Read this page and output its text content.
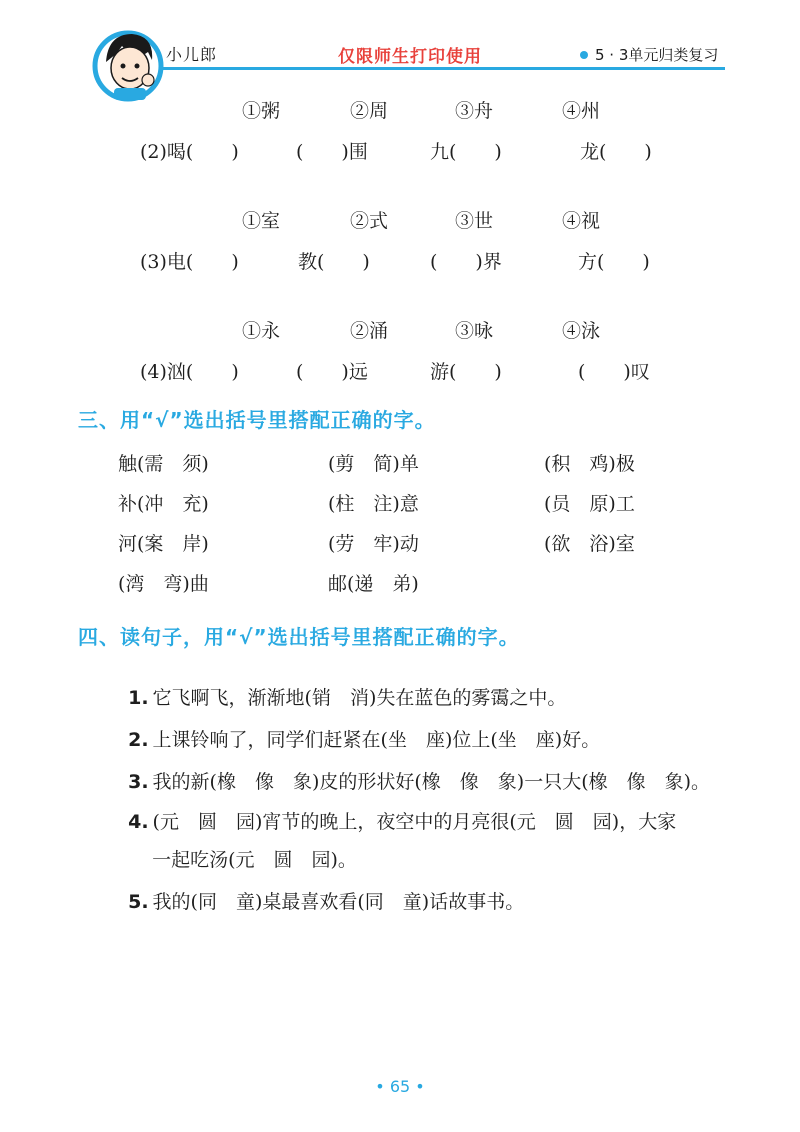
小儿郎	仅限师生打印使用	5 · 3单元归类复习
①粥	②周	③舟	④州
(2)喝(　　)	(　　)围	九(　　)	龙(　　)
①室	②式	③世	④视
(3)电(　　)	教(　　)	(　　)界	方(　　)
①永	②涌	③咏	④泳
(4)汹(　　)	(　　)远	游(　　)	(　　)叹
三、用“√”选出括号里搭配正确的字。
触(需　须)	(剪　简)单	(积　鸡)极
补(冲　充)	(柱　注)意	(员　原)工
河(案　岸)	(劳　牢)动	(欲　浴)室
(湾　弯)曲	邮(递　弟)
四、读句子，用“√”选出括号里搭配正确的字。

1. 它飞啊飞，渐渐地(销　消)失在蓝色的雾霭之中。

2. 上课铃响了，同学们赶紧在(坐　座)位上(坐　座)好。

3. 我的新(橡　像　象)皮的形状好(橡　像　象)一只大(橡　像　象)。

4. (元　圆　园)宵节的晚上，夜空中的月亮很(元　圆　园)，大家

一起吃汤(元　圆　园)。

5. 我的(同　童)桌最喜欢看(同　童)话故事书。

• 65 •
